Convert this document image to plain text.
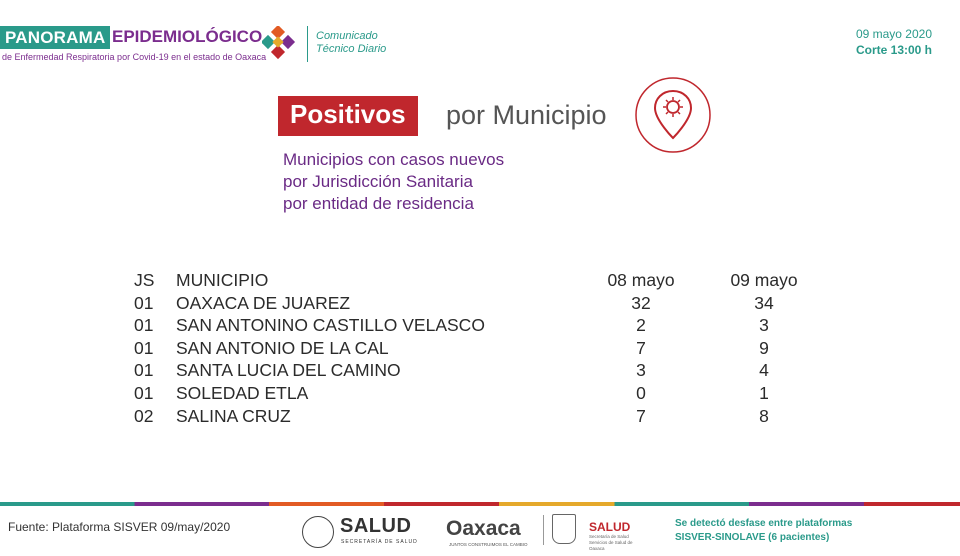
PANORAMA EPIDEMIOLÓGICO
de Enfermedad Respiratoria por Covid-19 en el estado de Oaxaca
Comunicado
Técnico Diario
09 mayo 2020
Corte 13:00 h
Positivos	por Municipio
Municipios con casos nuevos
por Jurisdicción Sanitaria
por entidad de residencia
JS	MUNICIPIO	08 mayo	09 mayo
01	OAXACA DE JUAREZ	32	34
01	SAN ANTONINO CASTILLO VELASCO	2	3
01	SAN ANTONIO DE LA CAL	7	9
01	SANTA LUCIA DEL CAMINO	3	4
01	SOLEDAD ETLA	0	1
02	SALINA CRUZ	7	8
Fuente: Plataforma SISVER 09/may/2020	SALUD
SECRETARÍA DE SALUD
Oaxaca
JUNTOS CONSTRUIMOS EL CAMBIO
SALUD
Secretaría de Salud Servicios de Salud de Oaxaca
Se detectó desfase entre plataformas
SISVER-SINOLAVE (6 pacientes)
